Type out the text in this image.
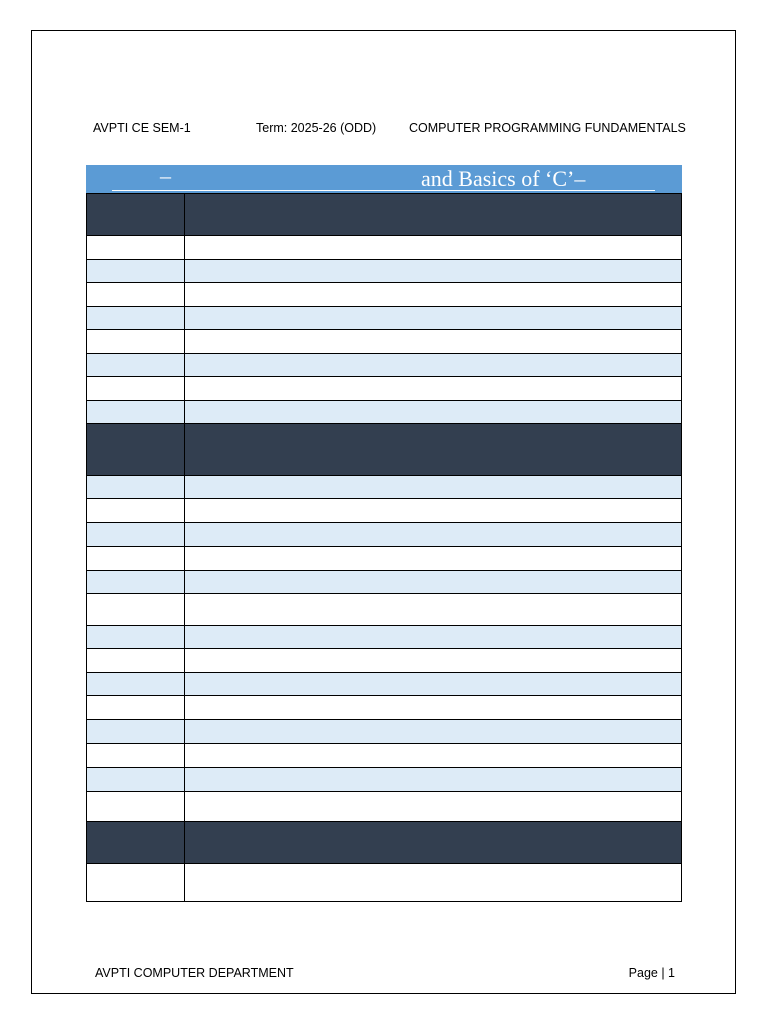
AVPTI CE SEM-1	Term: 2025-26 (ODD)	COMPUTER PROGRAMMING FUNDAMENTALS
–	and Basics of ‘C’–

AVPTI COMPUTER DEPARTMENT	Page | 1
